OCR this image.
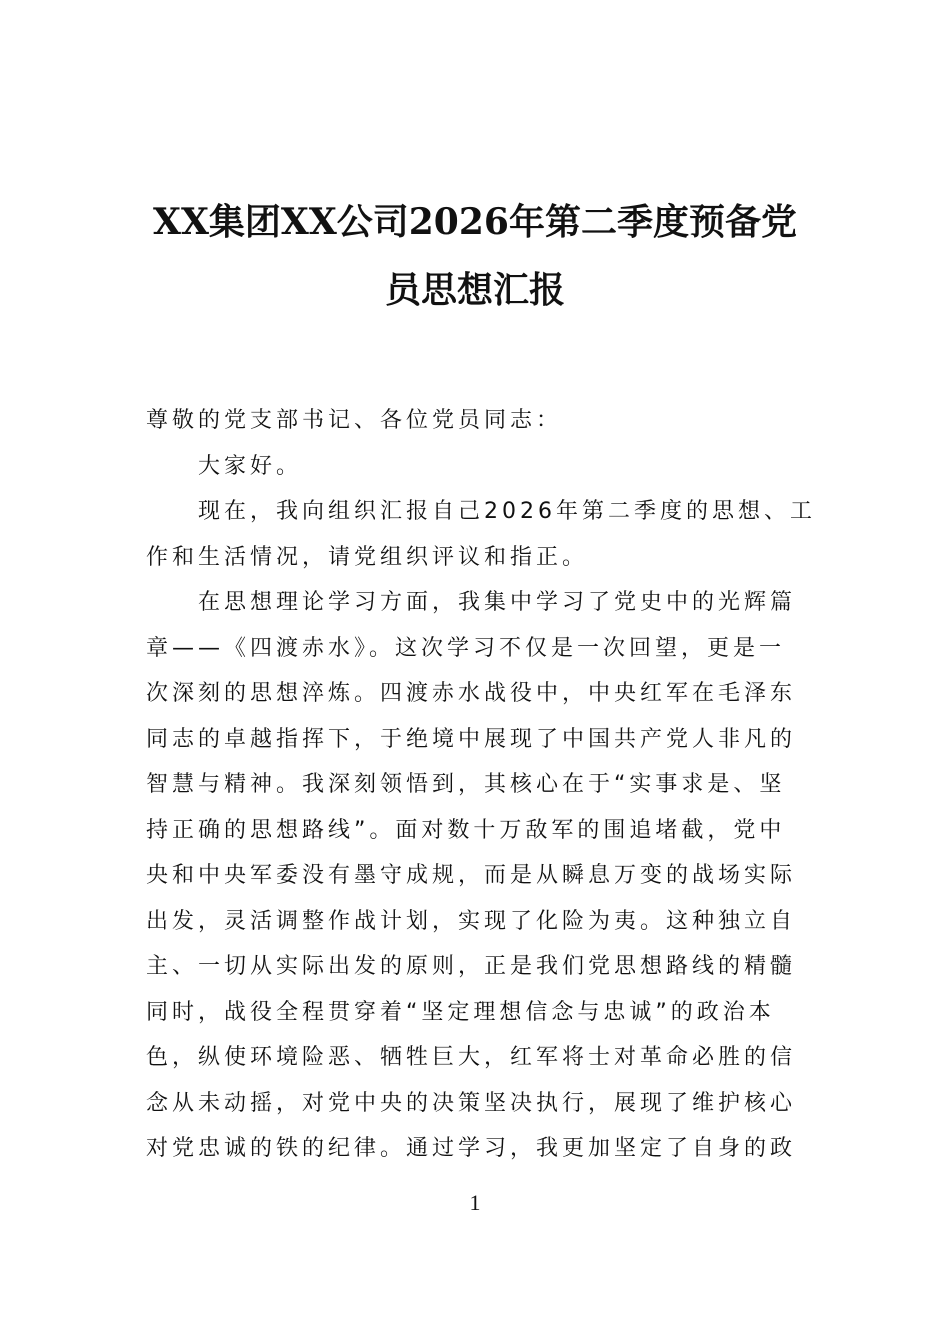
XX集团XX公司2026年第二季度预备党
员思想汇报
尊敬的党支部书记、各位党员同志：
大家好。
现在，我向组织汇报自己2026年第二季度的思想、工
作和生活情况，请党组织评议和指正。
在思想理论学习方面，我集中学习了党史中的光辉篇
章——《四渡赤水》。这次学习不仅是一次回望，更是一
次深刻的思想淬炼。四渡赤水战役中，中央红军在毛泽东
同志的卓越指挥下，于绝境中展现了中国共产党人非凡的
智慧与精神。我深刻领悟到，其核心在于“实事求是、坚
持正确的思想路线”。面对数十万敌军的围追堵截，党中
央和中央军委没有墨守成规，而是从瞬息万变的战场实际
出发，灵活调整作战计划，实现了化险为夷。这种独立自
主、一切从实际出发的原则，正是我们党思想路线的精髓
同时，战役全程贯穿着“坚定理想信念与忠诚”的政治本
色，纵使环境险恶、牺牲巨大，红军将士对革命必胜的信
念从未动摇，对党中央的决策坚决执行，展现了维护核心
对党忠诚的铁的纪律。通过学习，我更加坚定了自身的政
1
